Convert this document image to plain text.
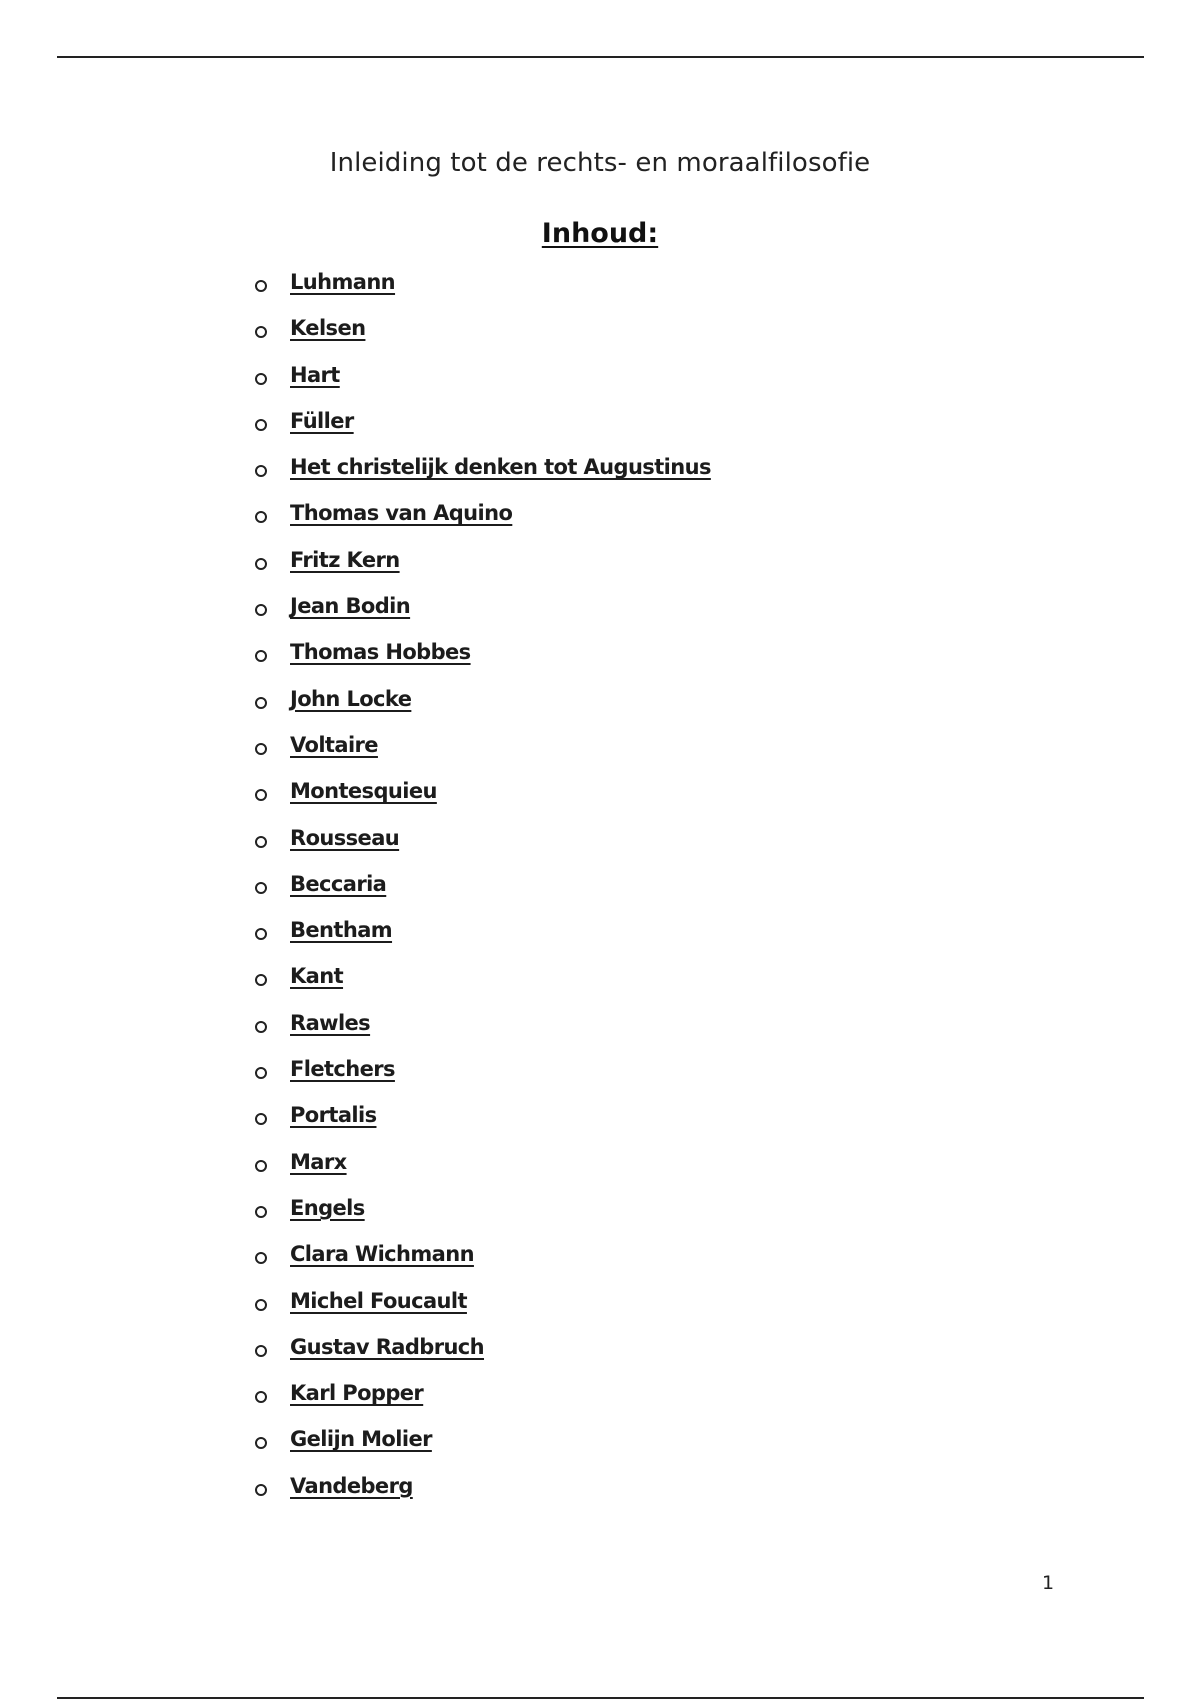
Inleiding tot de rechts- en moraalfilosofie
Inhoud:
Luhmann
Kelsen
Hart
Füller
Het christelijk denken tot Augustinus
Thomas van Aquino
Fritz Kern
Jean Bodin
Thomas Hobbes
John Locke
Voltaire
Montesquieu
Rousseau
Beccaria
Bentham
Kant
Rawles
Fletchers
Portalis
Marx
Engels
Clara Wichmann
Michel Foucault
Gustav Radbruch
Karl Popper
Gelijn Molier
Vandeberg
1
